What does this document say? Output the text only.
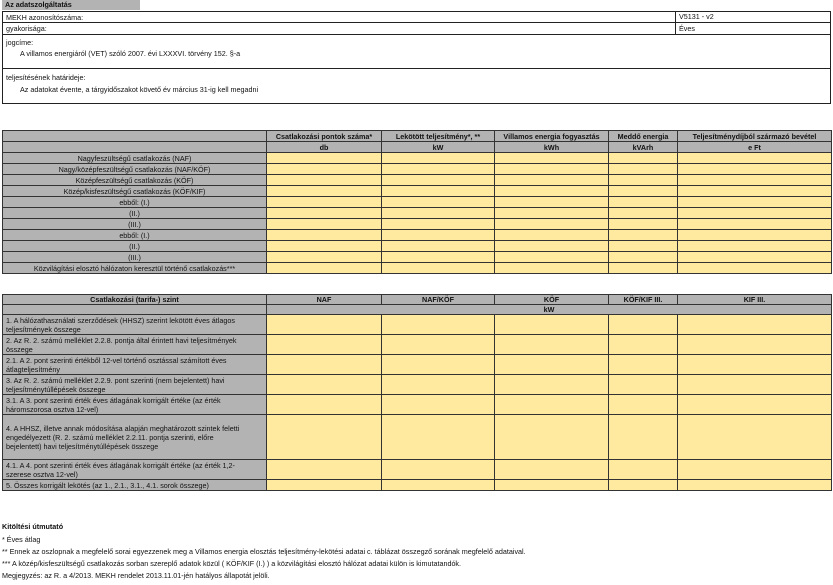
Az adatszolgáltatás
MEKH azonosítószáma:	V5131 - v2
gyakorisága:	Éves
jogcíme:
A villamos energiáról (VET) szóló 2007. évi LXXXVI. törvény 152. §-a
teljesítésének határideje:
Az adatokat évente, a tárgyidőszakot követő év március 31-ig kell megadni
	Csatlakozási pontok száma*	Lekötött teljesítmény*, **	Villamos energia fogyasztás	Meddő energia	Teljesítménydíjból származó bevétel
	db	kW	kWh	kVArh	e Ft
Nagyfeszültségű csatlakozás (NAF)					
Nagy/középfeszültségű csatlakozás (NAF/KÖF)					
Középfeszültségű csatlakozás (KÖF)					
Közép/kisfeszültségű csatlakozás (KÖF/KIF)					
ebből: (I.)					
(II.)					
(III.)					
ebből: (I.)					
(II.)					
(III.)					
Közvilágítási elosztó hálózaton keresztül történő csatlakozás***					
Csatlakozási (tarifa-) szint	NAF	NAF/KÖF	KÖF	KÖF/KIF III.	KIF III.
	kW				
1. A hálózathasználati szerződések (HHSZ) szerint lekötött éves átlagos
teljesítmények összege					
2. Az R. 2. számú melléklet 2.2.8. pontja által érintett havi teljesítmények
összege					
2.1. A 2. pont szerinti értékből 12-vel történő osztással számított éves
átlagteljesítmény					
3. Az R. 2. számú melléklet 2.2.9. pont szerinti (nem bejelentett) havi
teljesítménytúllépések összege					
3.1. A 3. pont szerinti érték éves átlagának korrigált értéke (az érték
háromszorosa osztva 12-vel)					
4. A HHSZ, illetve annak módosítása alapján meghatározott szintek feletti
engedélyezett (R. 2. számú melléklet 2.2.11. pontja szerinti, előre
bejelentett) havi teljesítménytúllépések összege					
4.1. A 4. pont szerinti érték éves átlagának korrigált értéke (az érték 1,2-
szerese osztva 12-vel)					
5. Összes korrigált lekötés (az 1., 2.1., 3.1., 4.1. sorok összege)					
Kitöltési útmutató
* Éves átlag
** Ennek az oszlopnak a megfelelő sorai egyezzenek meg a Villamos energia elosztás teljesítmény-lekötési adatai c. táblázat összegző sorának megfelelő adataival.
*** A közép/kisfeszültségű csatlakozás sorban szereplő adatok közül ( KÖF/KIF (I.) ) a közvilágítási elosztó hálózat adatai külön is kimutatandók.
Megjegyzés: az R. a 4/2013. MEKH rendelet 2013.11.01-jén hatályos állapotát jelöli.
